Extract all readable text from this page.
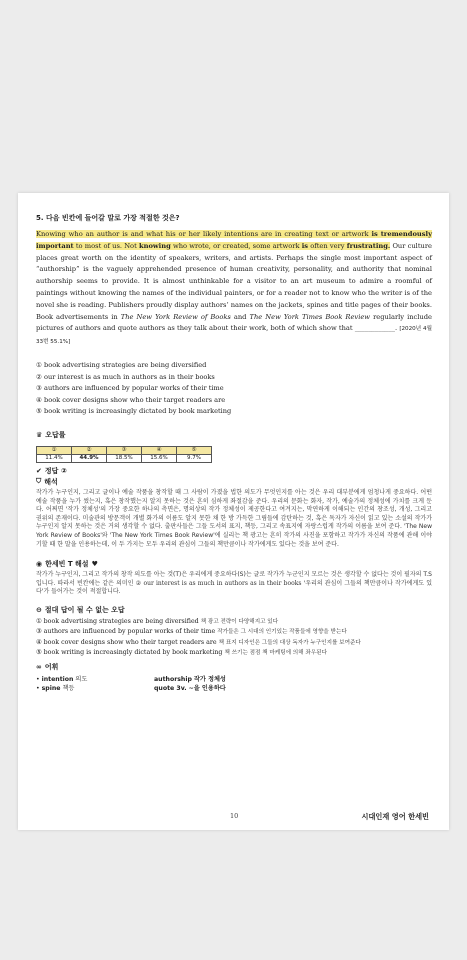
5. 다음 빈칸에 들어갈 말로 가장 적절한 것은?

Knowing who an author is and what his or her likely intentions are in creating text or artwork is tremendously important to most of us. Not knowing who wrote, or created, some artwork is often very frustrating. Our culture places great worth on the identity of speakers, writers, and artists. Perhaps the single most important aspect of “authorship” is the vaguely apprehended presence of human creativity, personality, and authority that nominal authorship seems to provide. It is almost unthinkable for a visitor to an art museum to admire a roomful of paintings without knowing the names of the individual painters, or for a reader not to know who the writer is of the novel she is reading. Publishers proudly display authors’ names on the jackets, spines and title pages of their books. Book advertisements in The New York Review of Books and The New York Times Book Review regularly include pictures of authors and quote authors as they talk about their work, both of which show that ____________. [2020년 4월 33번 55.1%]

① book advertising strategies are being diversified
② our interest is as much in authors as in their books
③ authors are influenced by popular works of their time
④ book cover designs show who their target readers are
⑤ book writing is increasingly dictated by book marketing
♛ 오답률
①	②	③	④	⑤
11.4%	44.9%	18.5%	15.6%	9.7%
✔ 정답 ②
⛉ 해석

작가가 누구인지, 그리고 글이나 예술 작품을 창작할 때 그 사람이 가졌을 법한 의도가 무엇인지를 아는 것은 우리 대부분에게 엄청나게 중요하다. 어떤 예술 작품을 누가 썼는지, 혹은 창작했는지 알지 못하는 것은 흔히 심하게 좌절감을 준다. 우리의 문화는 화자, 작가, 예술가의 정체성에 가치를 크게 둔다. 어쩌면 '작가 정체성'의 가장 중요한 하나의 측면은, 명의상의 작가 정체성이 제공한다고 여겨지는, 막연하게 이해되는 인간의 창조성, 개성, 그리고 권위의 존재이다. 미술관의 방문객이 개별 화가의 이름도 알지 못한 채 한 방 가득한 그림들에 감탄하는 것, 혹은 독자가 자신이 읽고 있는 소설의 작가가 누구인지 알지 못하는 것은 거의 생각할 수 없다. 출판사들은 그들 도서의 표지, 책등, 그리고 속표지에 자랑스럽게 작가의 이름을 보여 준다. 'The New York Review of Books'와 'The New York Times Book Review'에 실리는 책 광고는 흔히 작가의 사진을 포함하고 작가가 자신의 작품에 관해 이야기할 때 한 말을 인용하는데, 이 두 가지는 모두 우리의 관심이 그들의 책만큼이나 작가에게도 있다는 것을 보여 준다.

◉ 한세빈 T 해설 ♥

작가가 누구인지, 그리고 작가의 창작 의도를 아는 것(T)은 우리에게 중요하다(S)는 글로 작가가 누군인지 모르는 것은 생각할 수 없다는 것이 필자의 T.S입니다. 따라서 빈칸에는 같은 의미인 ② our interest is as much in authors as in their books '우리의 관심이 그들의 책만큼이나 작가에게도 있다'가 들어가는 것이 적절합니다.

⊖ 절대 답이 될 수 없는 오답
① book advertising strategies are being diversified 책 광고 전략이 다양해지고 있다
③ authors are influenced by popular works of their time 작가들은 그 시대의 인기있는 작품들에 영향을 받는다
④ book cover designs show who their target readers are 책 표지 디자인은 그들의 대상 독자가 누구인지를 보여준다
⑤ book writing is increasingly dictated by book marketing 책 쓰기는 점점 책 마케팅에 의해 좌우된다
∞ 어휘
• intention 의도	authorship 작가 정체성
• spine 책등	quote 3v. ~을 인용하다
10	시대인재 영어 한세빈
